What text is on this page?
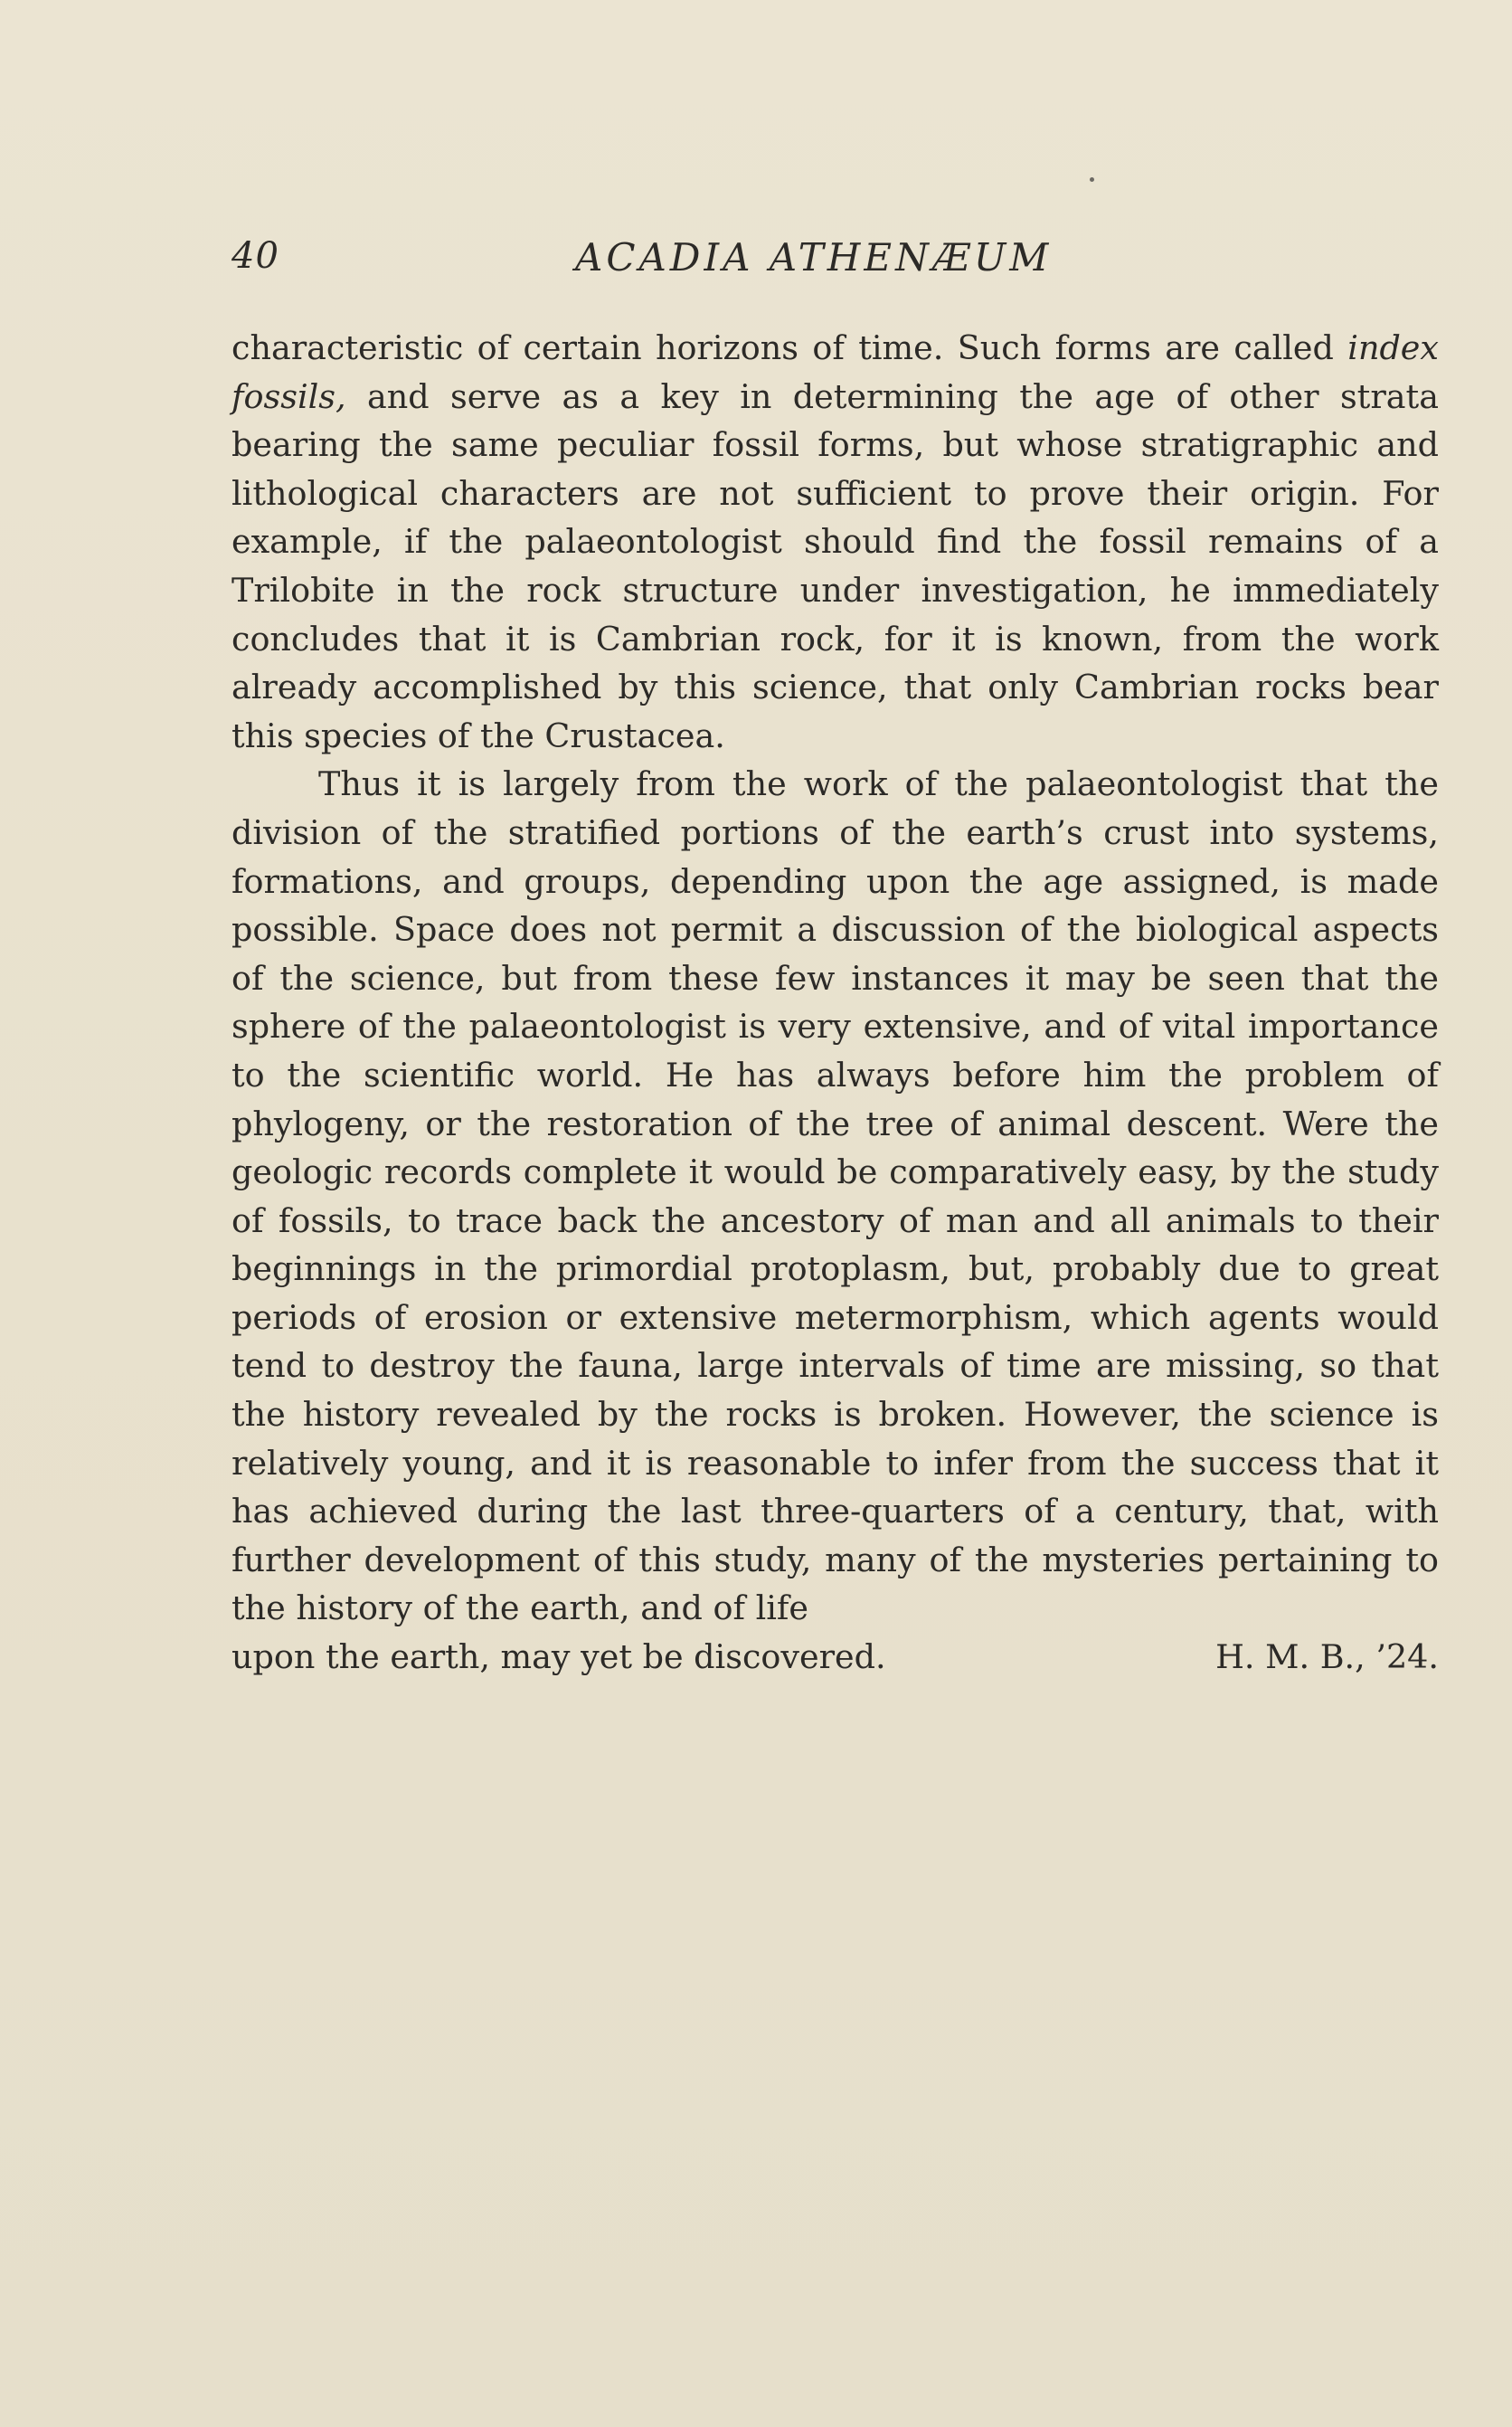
40	ACADIA ATHENÆUM

characteristic of certain horizons of time. Such forms are called index fossils, and serve as a key in determining the age of other strata bearing the same peculiar fossil forms, but whose stratigraphic and lithological characters are not sufficient to prove their origin. For example, if the palaeontologist should find the fossil remains of a Trilobite in the rock structure under investigation, he immediately concludes that it is Cambrian rock, for it is known, from the work already accomplished by this science, that only Cambrian rocks bear this species of the Crustacea.

Thus it is largely from the work of the palaeontologist that the division of the stratified portions of the earth’s crust into systems, formations, and groups, depending upon the age assigned, is made possible. Space does not permit a discussion of the biological aspects of the science, but from these few instances it may be seen that the sphere of the palaeontologist is very extensive, and of vital importance to the scientific world. He has always before him the problem of phylogeny, or the restoration of the tree of animal descent. Were the geologic records complete it would be comparatively easy, by the study of fossils, to trace back the ancestory of man and all animals to their beginnings in the primordial protoplasm, but, probably due to great periods of erosion or extensive metermorphism, which agents would tend to destroy the fauna, large intervals of time are missing, so that the history revealed by the rocks is broken. However, the science is relatively young, and it is reasonable to infer from the success that it has achieved during the last three-quarters of a century, that, with further development of this study, many of the mysteries pertaining to the history of the earth, and of life

upon the earth, may yet be discovered.	H. M. B., ’24.
